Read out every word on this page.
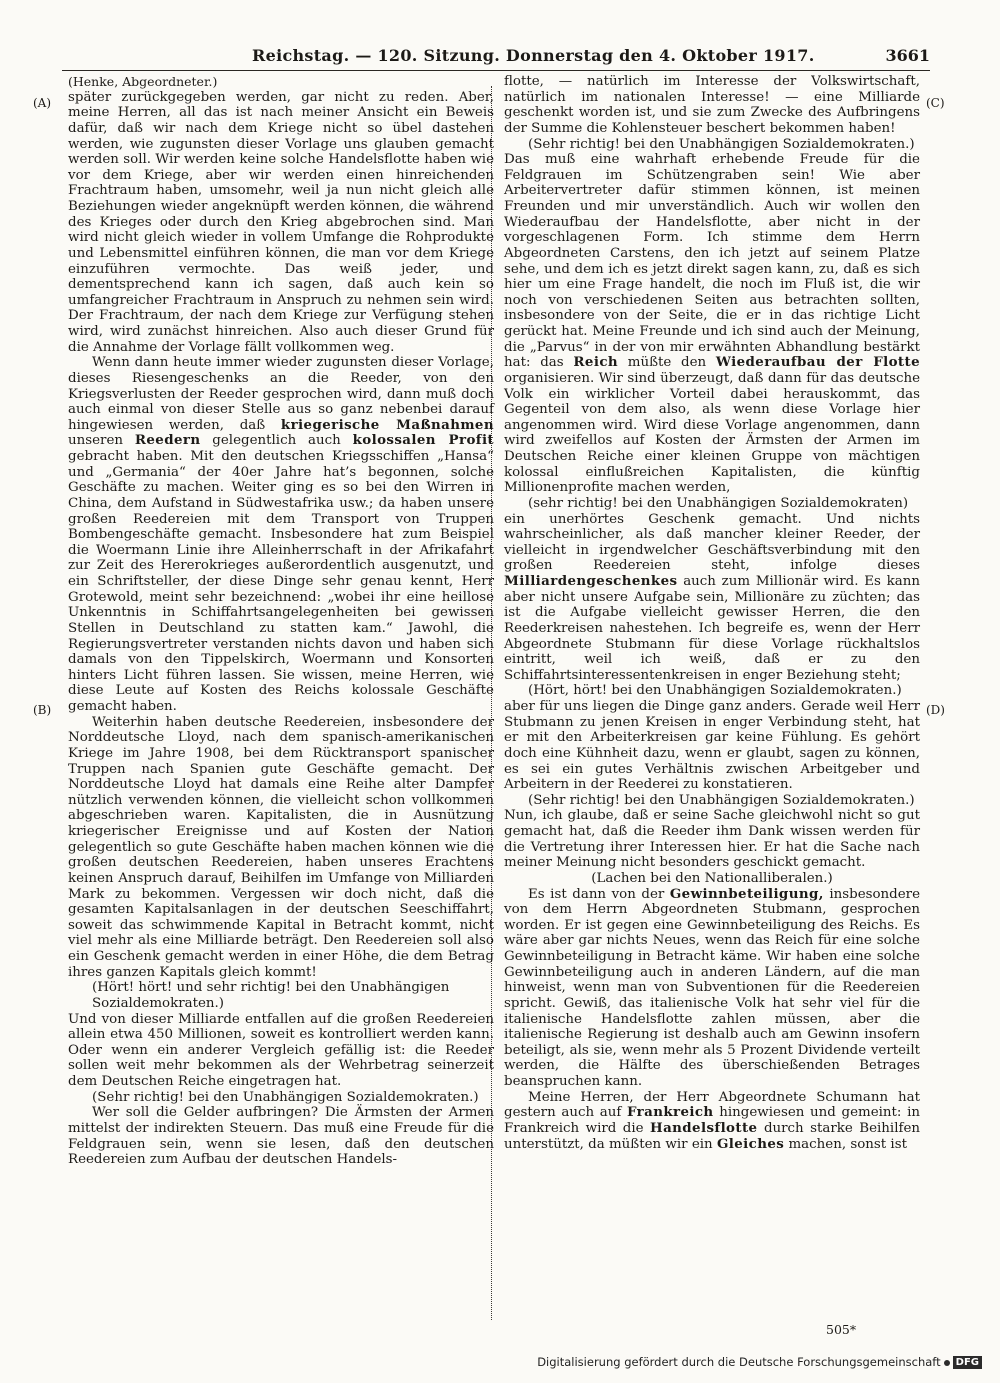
Reichstag. — 120. Sitzung. Donnerstag den 4. Oktober 1917.	3661
(A)
(B)
(C)
(D)

(Henke, Abgeordneter.)

später zurückgegeben werden, gar nicht zu reden. Aber, meine Herren, all das ist nach meiner Ansicht ein Beweis dafür, daß wir nach dem Kriege nicht so übel dastehen werden, wie zugunsten dieser Vorlage uns glauben gemacht werden soll. Wir werden keine solche Handelsflotte haben wie vor dem Kriege, aber wir werden einen hinreichenden Frachtraum haben, umsomehr, weil ja nun nicht gleich alle Beziehungen wieder angeknüpft werden können, die während des Krieges oder durch den Krieg abgebrochen sind. Man wird nicht gleich wieder in vollem Umfange die Rohprodukte und Lebensmittel einführen können, die man vor dem Kriege einzuführen vermochte. Das weiß jeder, und dementsprechend kann ich sagen, daß auch kein so umfangreicher Frachtraum in Anspruch zu nehmen sein wird. Der Frachtraum, der nach dem Kriege zur Verfügung stehen wird, wird zunächst hinreichen. Also auch dieser Grund für die Annahme der Vorlage fällt vollkommen weg.

Wenn dann heute immer wieder zugunsten dieser Vorlage, dieses Riesengeschenks an die Reeder, von den Kriegsverlusten der Reeder gesprochen wird, dann muß doch auch einmal von dieser Stelle aus so ganz nebenbei darauf hingewiesen werden, daß kriegerische Maßnahmen unseren Reedern gelegentlich auch kolossalen Profit gebracht haben. Mit den deutschen Kriegsschiffen „Hansa“ und „Germania“ der 40er Jahre hat’s begonnen, solche Geschäfte zu machen. Weiter ging es so bei den Wirren in China, dem Aufstand in Südwestafrika usw.; da haben unsere großen Reedereien mit dem Transport von Truppen Bombengeschäfte gemacht. Insbesondere hat zum Beispiel die Woermann Linie ihre Alleinherrschaft in der Afrikafahrt zur Zeit des Hererokrieges außerordentlich ausgenutzt, und ein Schriftsteller, der diese Dinge sehr genau kennt, Herr Grotewold, meint sehr bezeichnend: „wobei ihr eine heillose Unkenntnis in Schiffahrtsangelegenheiten bei gewissen Stellen in Deutschland zu statten kam.“ Jawohl, die Regierungsvertreter verstanden nichts davon und haben sich damals von den Tippelskirch, Woermann und Konsorten hinters Licht führen lassen. Sie wissen, meine Herren, wie diese Leute auf Kosten des Reichs kolossale Geschäfte gemacht haben.

Weiterhin haben deutsche Reedereien, insbesondere der Norddeutsche Lloyd, nach dem spanisch-amerikanischen Kriege im Jahre 1908, bei dem Rücktransport spanischer Truppen nach Spanien gute Geschäfte gemacht. Der Norddeutsche Lloyd hat damals eine Reihe alter Dampfer nützlich verwenden können, die vielleicht schon vollkommen abgeschrieben waren. Kapitalisten, die in Ausnützung kriegerischer Ereignisse und auf Kosten der Nation gelegentlich so gute Geschäfte haben machen können wie die großen deutschen Reedereien, haben unseres Erachtens keinen Anspruch darauf, Beihilfen im Umfange von Milliarden Mark zu bekommen. Vergessen wir doch nicht, daß die gesamten Kapitalsanlagen in der deutschen Seeschiffahrt, soweit das schwimmende Kapital in Betracht kommt, nicht viel mehr als eine Milliarde beträgt. Den Reedereien soll also ein Geschenk gemacht werden in einer Höhe, die dem Betrag ihres ganzen Kapitals gleich kommt!

(Hört! hört! und sehr richtig! bei den Unabhängigen Sozialdemokraten.)

Und von dieser Milliarde entfallen auf die großen Reedereien allein etwa 450 Millionen, soweit es kontrolliert werden kann. Oder wenn ein anderer Vergleich gefällig ist: die Reeder sollen weit mehr bekommen als der Wehrbetrag seinerzeit dem Deutschen Reiche eingetragen hat.

(Sehr richtig! bei den Unabhängigen Sozialdemokraten.)

Wer soll die Gelder aufbringen? Die Ärmsten der Armen mittelst der indirekten Steuern. Das muß eine Freude für die Feldgrauen sein, wenn sie lesen, daß den deutschen Reedereien zum Aufbau der deutschen Handels-

flotte, — natürlich im Interesse der Volkswirtschaft, natürlich im nationalen Interesse! — eine Milliarde geschenkt worden ist, und sie zum Zwecke des Aufbringens der Summe die Kohlensteuer beschert bekommen haben!

(Sehr richtig! bei den Unabhängigen Sozialdemokraten.)

Das muß eine wahrhaft erhebende Freude für die Feldgrauen im Schützengraben sein! Wie aber Arbeitervertreter dafür stimmen können, ist meinen Freunden und mir unverständlich. Auch wir wollen den Wiederaufbau der Handelsflotte, aber nicht in der vorgeschlagenen Form. Ich stimme dem Herrn Abgeordneten Carstens, den ich jetzt auf seinem Platze sehe, und dem ich es jetzt direkt sagen kann, zu, daß es sich hier um eine Frage handelt, die noch im Fluß ist, die wir noch von verschiedenen Seiten aus betrachten sollten, insbesondere von der Seite, die er in das richtige Licht gerückt hat. Meine Freunde und ich sind auch der Meinung, die „Parvus“ in der von mir erwähnten Abhandlung bestärkt hat: das Reich müßte den Wiederaufbau der Flotte organisieren. Wir sind überzeugt, daß dann für das deutsche Volk ein wirklicher Vorteil dabei herauskommt, das Gegenteil von dem also, als wenn diese Vorlage hier angenommen wird. Wird diese Vorlage angenommen, dann wird zweifellos auf Kosten der Ärmsten der Armen im Deutschen Reiche einer kleinen Gruppe von mächtigen kolossal einflußreichen Kapitalisten, die künftig Millionenprofite machen werden,

(sehr richtig! bei den Unabhängigen Sozialdemokraten)

ein unerhörtes Geschenk gemacht. Und nichts wahrscheinlicher, als daß mancher kleiner Reeder, der vielleicht in irgendwelcher Geschäftsverbindung mit den großen Reedereien steht, infolge dieses Milliardengeschenkes auch zum Millionär wird. Es kann aber nicht unsere Aufgabe sein, Millionäre zu züchten; das ist die Aufgabe vielleicht gewisser Herren, die den Reederkreisen nahestehen. Ich begreife es, wenn der Herr Abgeordnete Stubmann für diese Vorlage rückhaltslos eintritt, weil ich weiß, daß er zu den Schiffahrtsinteressentenkreisen in enger Beziehung steht;

(Hört, hört! bei den Unabhängigen Sozialdemokraten.)

aber für uns liegen die Dinge ganz anders. Gerade weil Herr Stubmann zu jenen Kreisen in enger Verbindung steht, hat er mit den Arbeiterkreisen gar keine Fühlung. Es gehört doch eine Kühnheit dazu, wenn er glaubt, sagen zu können, es sei ein gutes Verhältnis zwischen Arbeitgeber und Arbeitern in der Reederei zu konstatieren.

(Sehr richtig! bei den Unabhängigen Sozialdemokraten.)

Nun, ich glaube, daß er seine Sache gleichwohl nicht so gut gemacht hat, daß die Reeder ihm Dank wissen werden für die Vertretung ihrer Interessen hier. Er hat die Sache nach meiner Meinung nicht besonders geschickt gemacht.

(Lachen bei den Nationalliberalen.)

Es ist dann von der Gewinnbeteiligung, insbesondere von dem Herrn Abgeordneten Stubmann, gesprochen worden. Er ist gegen eine Gewinnbeteiligung des Reichs. Es wäre aber gar nichts Neues, wenn das Reich für eine solche Gewinnbeteiligung in Betracht käme. Wir haben eine solche Gewinnbeteiligung auch in anderen Ländern, auf die man hinweist, wenn man von Subventionen für die Reedereien spricht. Gewiß, das italienische Volk hat sehr viel für die italienische Handelsflotte zahlen müssen, aber die italienische Regierung ist deshalb auch am Gewinn insofern beteiligt, als sie, wenn mehr als 5 Prozent Dividende verteilt werden, die Hälfte des überschießenden Betrages beanspruchen kann.

Meine Herren, der Herr Abgeordnete Schumann hat gestern auch auf Frankreich hingewiesen und gemeint: in Frankreich wird die Handelsflotte durch starke Beihilfen unterstützt, da müßten wir ein Gleiches machen, sonst ist

505*
Digitalisierung gefördert durch die Deutsche Forschungsgemeinschaft DFG
